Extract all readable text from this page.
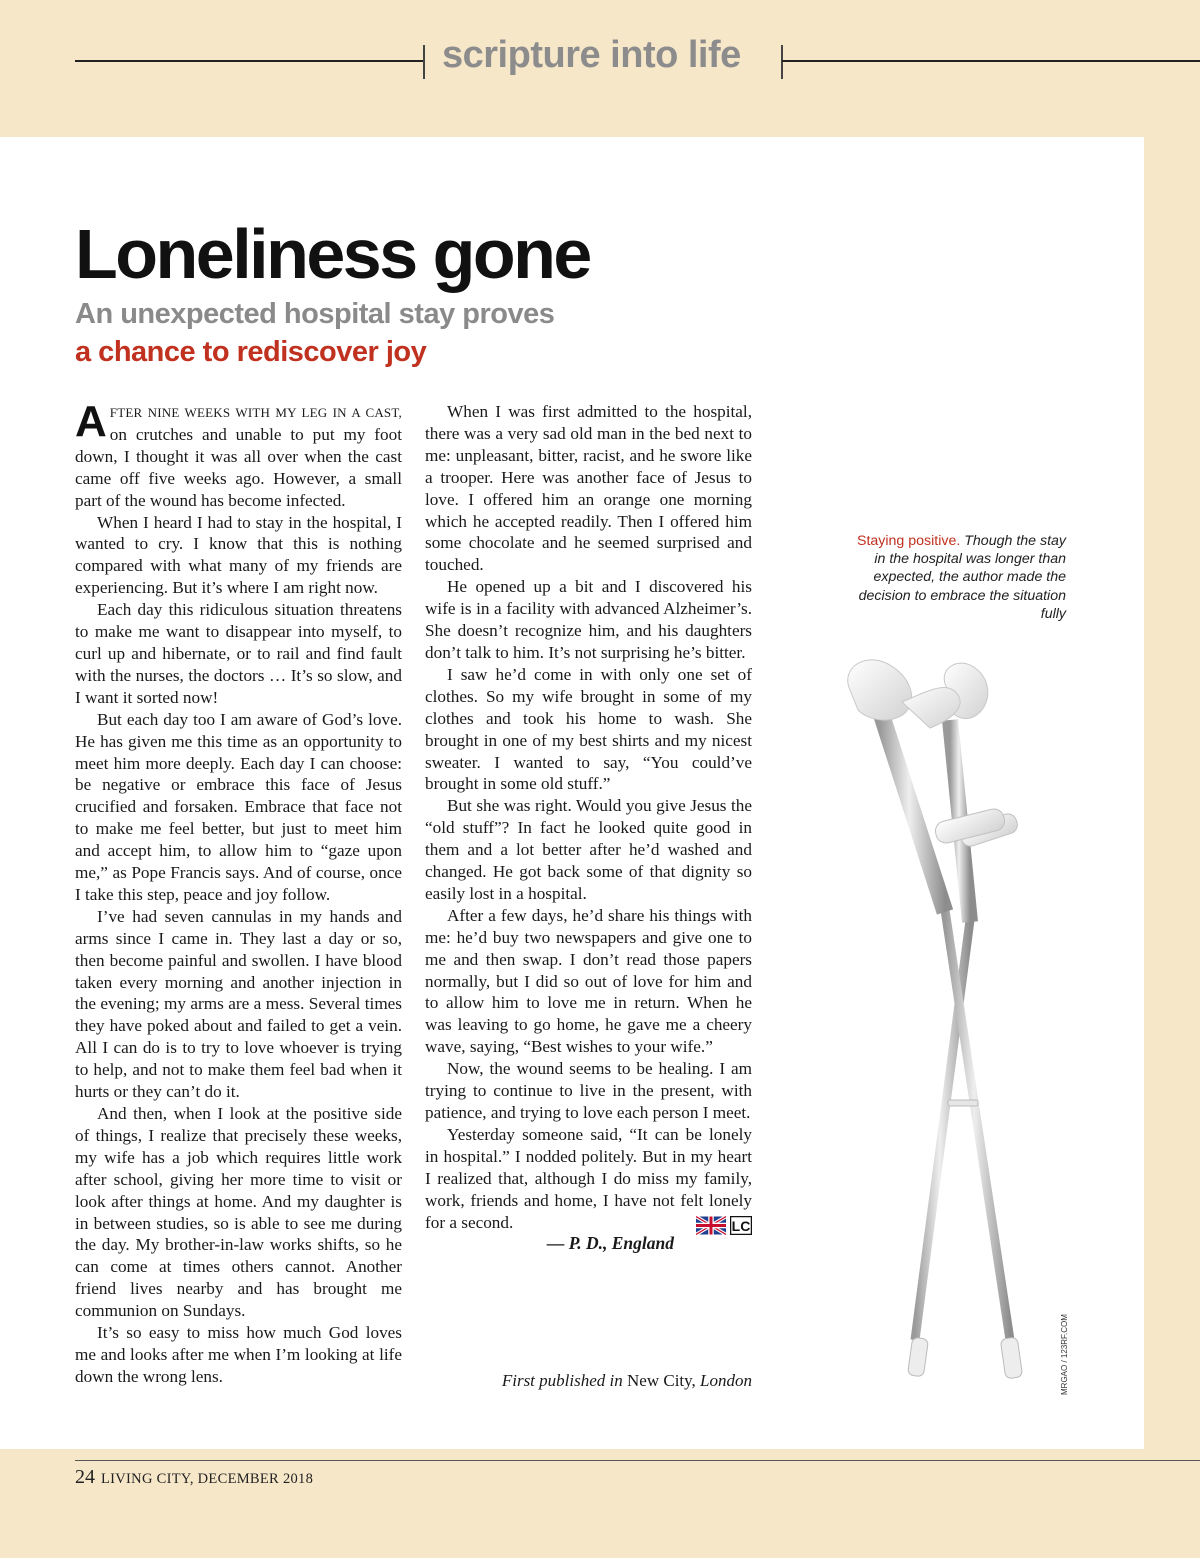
scripture into life
Loneliness gone
An unexpected hospital stay proves
a chance to rediscover joy

AFTER NINE WEEKS WITH MY LEG IN A CAST, on crutches and unable to put my foot down, I thought it was all over when the cast came off five weeks ago. However, a small part of the wound has become infected.

When I heard I had to stay in the hospital, I wanted to cry. I know that this is nothing compared with what many of my friends are experiencing. But it’s where I am right now.

Each day this ridiculous situation threatens to make me want to disappear into myself, to curl up and hibernate, or to rail and find fault with the nurses, the doctors … It’s so slow, and I want it sorted now!

But each day too I am aware of God’s love. He has given me this time as an opportunity to meet him more deeply. Each day I can choose: be negative or embrace this face of Jesus crucified and forsaken. Embrace that face not to make me feel better, but just to meet him and accept him, to allow him to “gaze upon me,” as Pope Francis says. And of course, once I take this step, peace and joy follow.

I’ve had seven cannulas in my hands and arms since I came in. They last a day or so, then become painful and swollen. I have blood taken every morning and another injection in the evening; my arms are a mess. Several times they have poked about and failed to get a vein. All I can do is to try to love whoever is trying to help, and not to make them feel bad when it hurts or they can’t do it.

And then, when I look at the positive side of things, I realize that precisely these weeks, my wife has a job which requires little work after school, giving her more time to visit or look after things at home. And my daughter is in between studies, so is able to see me during the day. My brother-in-law works shifts, so he can come at times others cannot. Another friend lives nearby and has brought me communion on Sundays.

It’s so easy to miss how much God loves me and looks after me when I’m looking at life down the wrong lens.

When I was first admitted to the hospital, there was a very sad old man in the bed next to me: unpleasant, bitter, racist, and he swore like a trooper. Here was another face of Jesus to love. I offered him an orange one morning which he accepted readily. Then I offered him some chocolate and he seemed surprised and touched.

He opened up a bit and I discovered his wife is in a facility with advanced Alzheimer’s. She doesn’t recognize him, and his daughters don’t talk to him. It’s not surprising he’s bitter.

I saw he’d come in with only one set of clothes. So my wife brought in some of my clothes and took his home to wash. She brought in one of my best shirts and my nicest sweater. I wanted to say, “You could’ve brought in some old stuff.”

But she was right. Would you give Jesus the “old stuff”? In fact he looked quite good in them and a lot better after he’d washed and changed. He got back some of that dignity so easily lost in a hospital.

After a few days, he’d share his things with me: he’d buy two newspapers and give one to me and then swap. I don’t read those papers normally, but I did so out of love for him and to allow him to love me in return. When he was leaving to go home, he gave me a cheery wave, saying, “Best wishes to your wife.”

Now, the wound seems to be healing. I am trying to continue to live in the present, with patience, and trying to love each person I meet.

Yesterday someone said, “It can be lonely in hospital.” I nodded politely. But in my heart I realized that, although I do miss my family, work, friends and home, I have not felt lonely for a second.	LC

— P. D., England

First published in New City, London
Staying positive. Though the stay in the hospital was longer than expected, the author made the decision to embrace the situation fully
MRGAO / 123RF.COM
24 LIVING CITY, DECEMBER 2018
